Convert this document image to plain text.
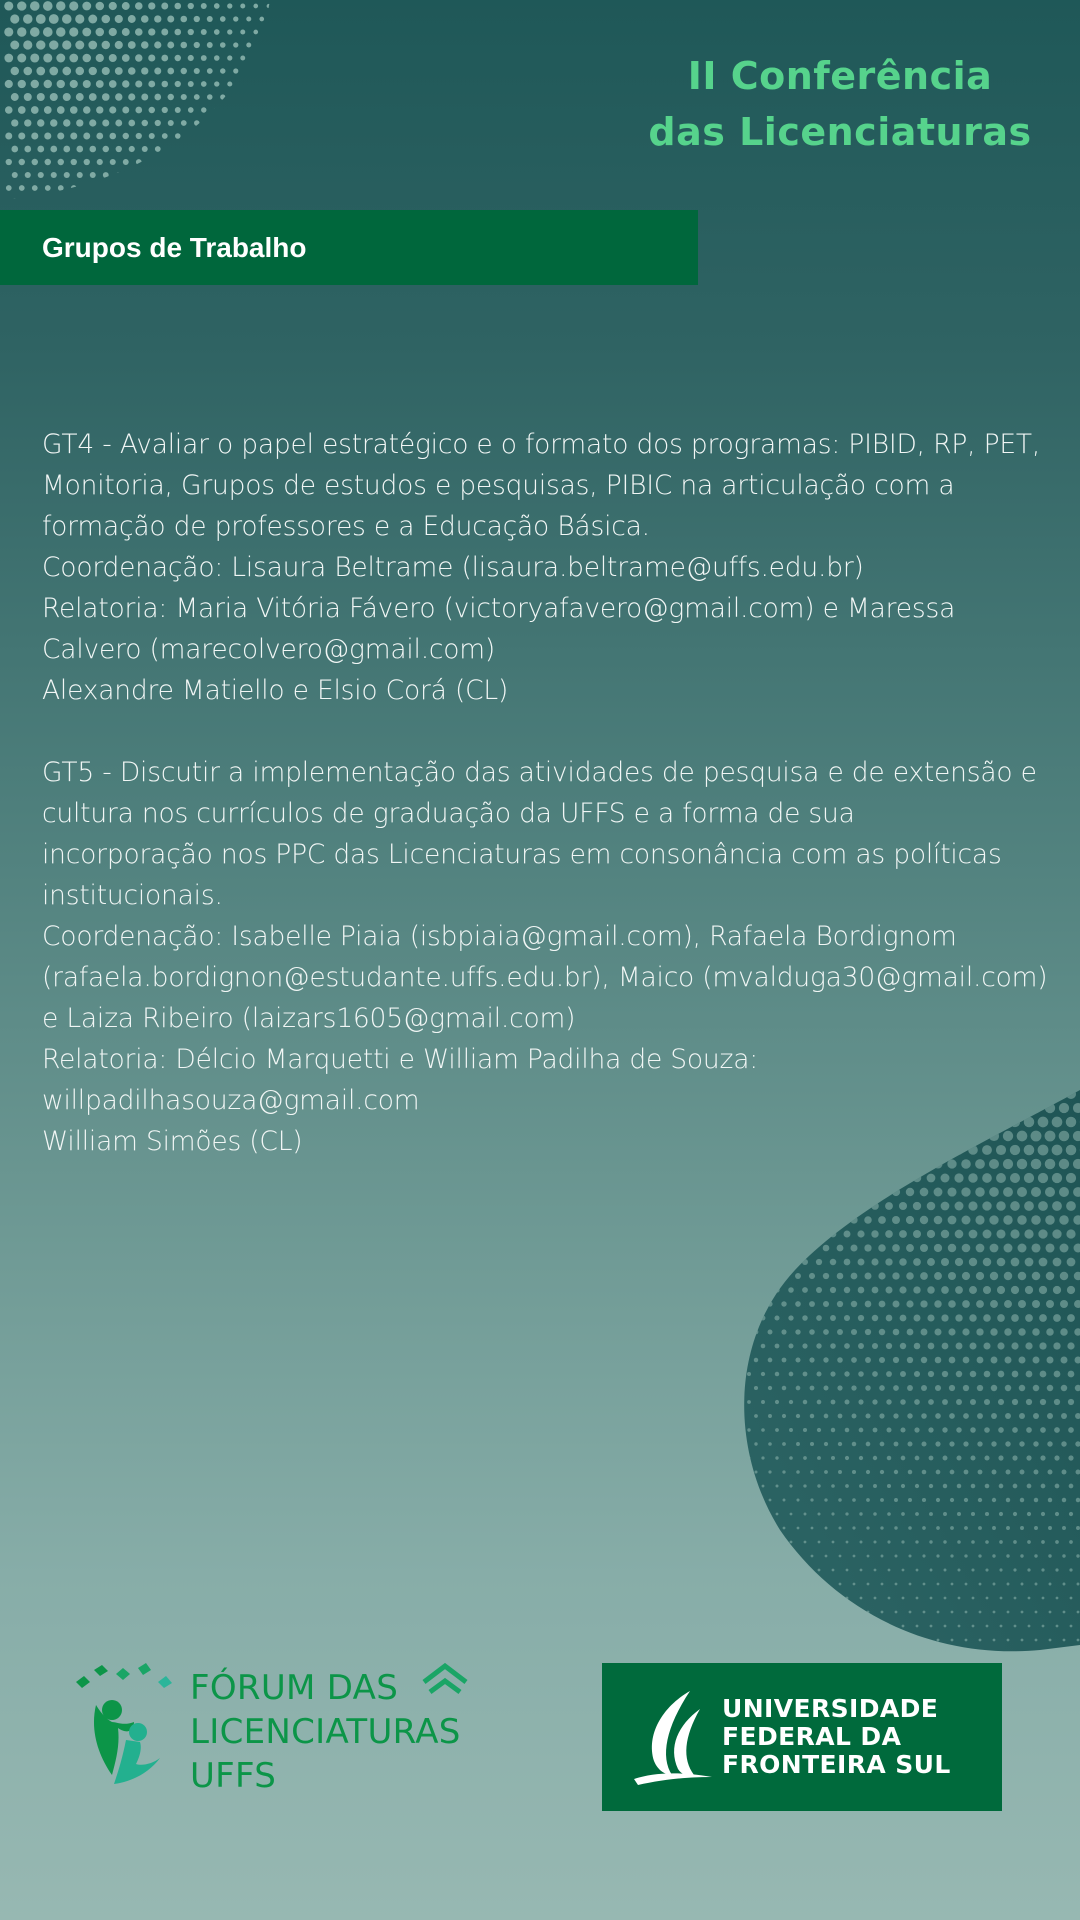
II Conferência
das Licenciaturas
Grupos de Trabalho

GT4 - Avaliar o papel estratégico e o formato dos programas: PIBID, RP, PET,

Monitoria, Grupos de estudos e pesquisas, PIBIC na articulação com a

formação de professores e a Educação Básica.

Coordenação: Lisaura Beltrame (lisaura.beltrame@uffs.edu.br)

Relatoria: Maria Vitória Fávero (victoryafavero@gmail.com) e Maressa

Calvero (marecolvero@gmail.com)

Alexandre Matiello e Elsio Corá (CL)

GT5 - Discutir a implementação das atividades de pesquisa e de extensão e

cultura nos currículos de graduação da UFFS e a forma de sua

incorporação nos PPC das Licenciaturas em consonância com as políticas

institucionais.

Coordenação: Isabelle Piaia (isbpiaia@gmail.com), Rafaela Bordignom

(rafaela.bordignon@estudante.uffs.edu.br), Maico (mvalduga30@gmail.com)

e Laiza Ribeiro (laizars1605@gmail.com)

Relatoria: Délcio Marquetti e William Padilha de Souza:

willpadilhasouza@gmail.com

William Simões (CL)

FÓRUM DAS
LICENCIATURAS
UFFS
UNIVERSIDADE
FEDERAL DA
FRONTEIRA SUL
